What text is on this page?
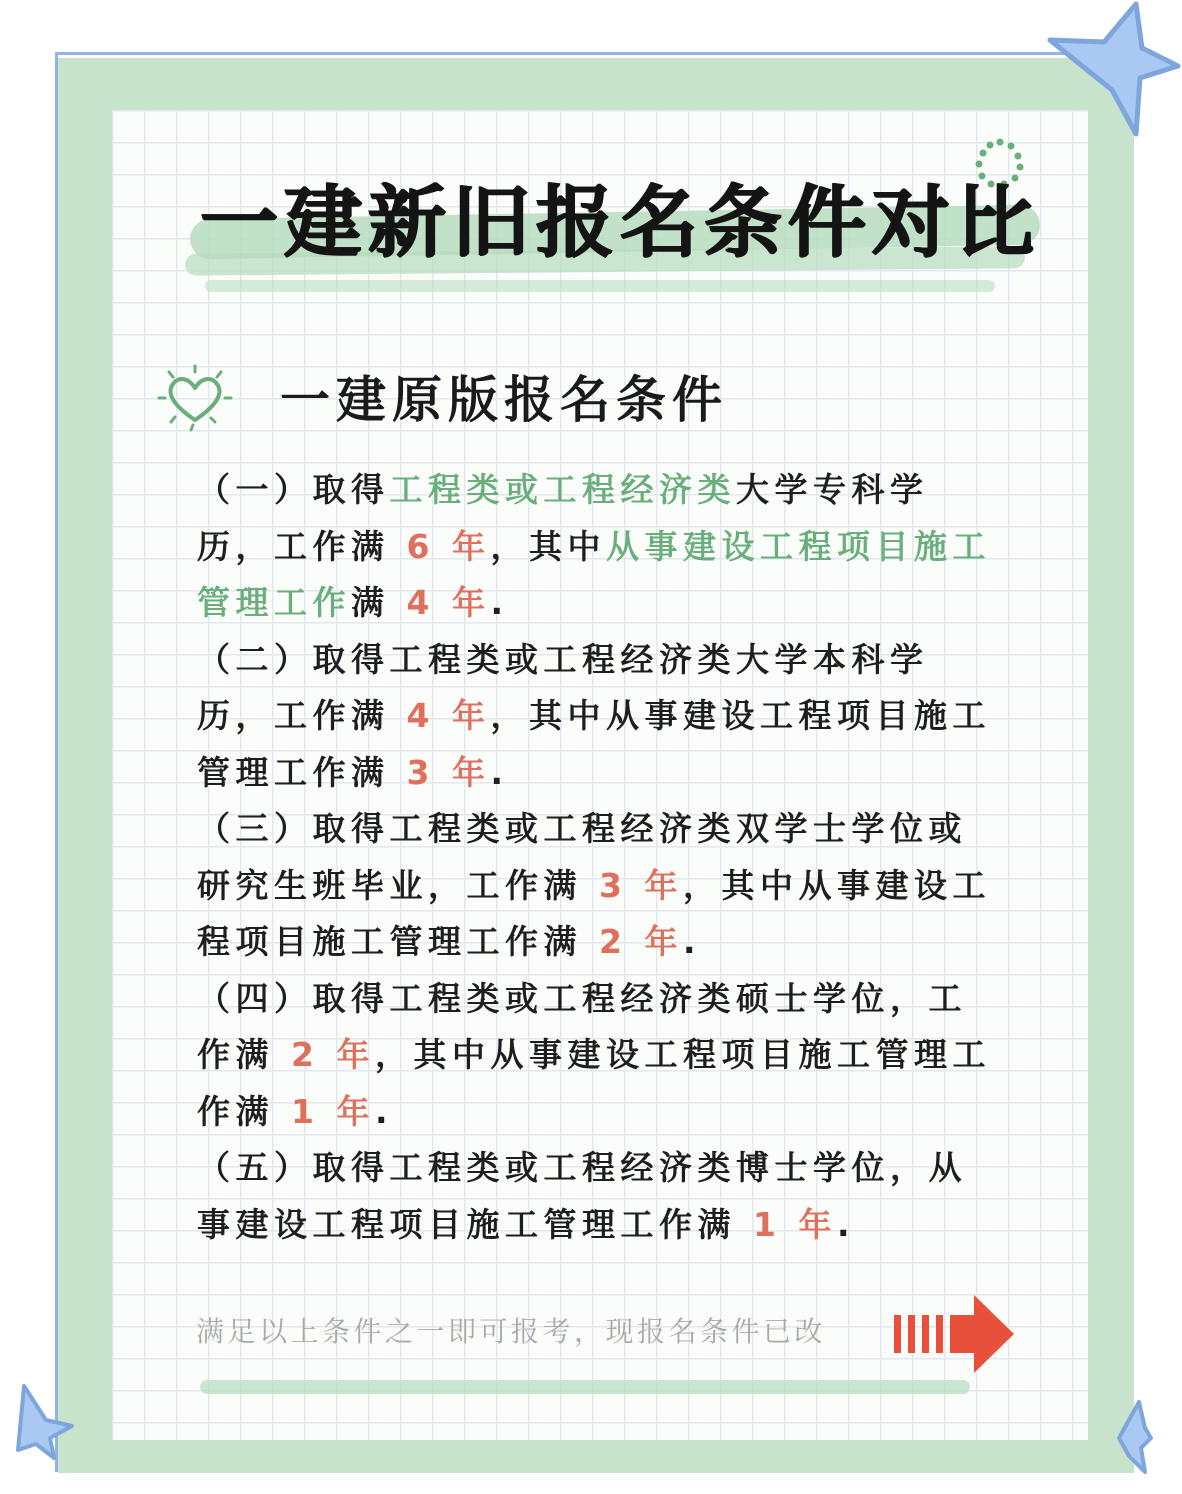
一建新旧报名条件对比
一建原版报名条件

（一）取得工程类或工程经济类大学专科学历，工作满 6 年，其中从事建设工程项目施工管理工作满 4 年.

（二）取得工程类或工程经济类大学本科学历，工作满 4 年，其中从事建设工程项目施工管理工作满 3 年.

（三）取得工程类或工程经济类双学士学位或研究生班毕业，工作满 3 年，其中从事建设工程项目施工管理工作满 2 年.

（四）取得工程类或工程经济类硕士学位，工作满 2 年，其中从事建设工程项目施工管理工作满 1 年.

（五）取得工程类或工程经济类博士学位，从事建设工程项目施工管理工作满 1 年.

满足以上条件之一即可报考，现报名条件已改
